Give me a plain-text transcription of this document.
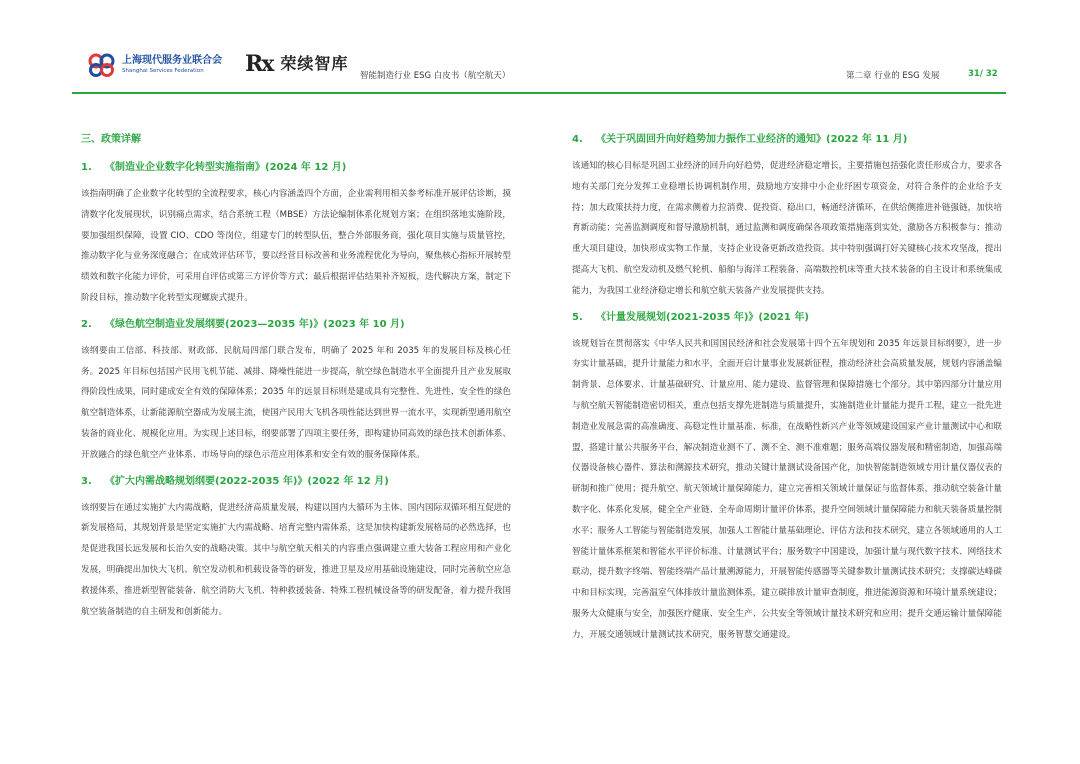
上海现代服务业联合会
Shanghai Services Federation	Rx 荣续智库
智能制造行业 ESG 白皮书（航空航天）	第二章 行业的 ESG 发展	31/ 32
三、政策详解
1. 《制造业企业数字化转型实施指南》(2024 年 12 月)

该指南明确了企业数字化转型的全流程要求，核心内容涵盖四个方面，企业需利用相关参考标准开展评估诊断，摸清数字化发展现状，识别痛点需求，结合系统工程（MBSE）方法论编制体系化规划方案；在组织落地实施阶段，要加强组织保障，设置 CIO、CDO 等岗位，组建专门的转型队伍，整合外部服务商，强化项目实施与质量管控，推动数字化与业务深度融合；在成效评估环节，要以经营目标改善和业务流程优化为导向，聚焦核心指标开展转型绩效和数字化能力评价，可采用自评估或第三方评价等方式；最后根据评估结果补齐短板，迭代解决方案，制定下阶段目标，推动数字化转型实现螺旋式提升。

2. 《绿色航空制造业发展纲要(2023—2035 年)》(2023 年 10 月)

该纲要由工信部、科技部、财政部、民航局四部门联合发布，明确了 2025 年和 2035 年的发展目标及核心任务。2025 年目标包括国产民用飞机节能、减排、降噪性能进一步提高，航空绿色制造水平全面提升且产业发展取得阶段性成果，同时建成安全有效的保障体系；2035 年的远景目标则是建成具有完整性、先进性、安全性的绿色航空制造体系，让新能源航空器成为发展主流，使国产民用大飞机各项性能达到世界一流水平，实现新型通用航空装备的商业化、规模化应用。为实现上述目标，纲要部署了四项主要任务，即构建协同高效的绿色技术创新体系、开放融合的绿色航空产业体系、市场导向的绿色示范应用体系和安全有效的服务保障体系。

3. 《扩大内需战略规划纲要(2022-2035 年)》(2022 年 12 月)

该纲要旨在通过实施扩大内需战略，促进经济高质量发展，构建以国内大循环为主体、国内国际双循环相互促进的新发展格局，其规划背景是坚定实施扩大内需战略、培育完整内需体系，这是加快构建新发展格局的必然选择，也是促进我国长远发展和长治久安的战略决策。其中与航空航天相关的内容重点强调建立重大装备工程应用和产业化发展，明确提出加快大飞机、航空发动机和机载设备等的研发，推进卫星及应用基础设施建设，同时完善航空应急救援体系，推进新型智能装备、航空消防大飞机、特种救援装备、特殊工程机械设备等的研发配备，着力提升我国航空装备制造的自主研发和创新能力。

4. 《关于巩固回升向好趋势加力振作工业经济的通知》(2022 年 11 月)

该通知的核心目标是巩固工业经济的回升向好趋势，促进经济稳定增长，主要措施包括强化责任形成合力，要求各地有关部门充分发挥工业稳增长协调机制作用，鼓励地方安排中小企业纾困专项资金，对符合条件的企业给予支持；加大政策扶持力度，在需求侧着力拉消费、促投资、稳出口，畅通经济循环，在供给侧推进补链强链，加快培育新动能；完善监测调度和督导激励机制，通过监测和调度确保各项政策措施落到实处，激励各方积极参与；推动重大项目建设，加快形成实物工作量，支持企业设备更新改造投资。其中特别强调打好关键核心技术攻坚战，提出提高大飞机、航空发动机及燃气轮机、船舶与海洋工程装备、高端数控机床等重大技术装备的自主设计和系统集成能力，为我国工业经济稳定增长和航空航天装备产业发展提供支持。

5. 《计量发展规划(2021-2035 年)》(2021 年)

该规划旨在贯彻落实《中华人民共和国国民经济和社会发展第十四个五年规划和 2035 年远景目标纲要》，进一步夯实计量基础，提升计量能力和水平，全面开启计量事业发展新征程，推动经济社会高质量发展，规划内容涵盖编制背景、总体要求、计量基础研究、计量应用、能力建设、监督管理和保障措施七个部分。其中第四部分计量应用与航空航天智能制造密切相关，重点包括支撑先进制造与质量提升，实施制造业计量能力提升工程，建立一批先进制造业发展急需的高准确度、高稳定性计量基准、标准，在战略性新兴产业等领域建设国家产业计量测试中心和联盟，搭建计量公共服务平台，解决制造业测不了、测不全、测不准难题；服务高端仪器发展和精密制造，加强高端仪器设备核心器件、算法和溯源技术研究，推动关键计量测试设备国产化，加快智能制造领域专用计量仪器仪表的研制和推广使用；提升航空、航天领域计量保障能力，建立完善相关领域计量保证与监督体系，推动航空装备计量数字化、体系化发展，健全全产业链、全寿命周期计量评价体系，提升空间领域计量保障能力和航天装备质量控制水平；服务人工智能与智能制造发展，加强人工智能计量基础理论、评估方法和技术研究，建立各领域通用的人工智能计量体系框架和智能水平评价标准、计量测试平台；服务数字中国建设，加强计量与现代数字技术、网络技术联动，提升数字终端、智能终端产品计量溯源能力，开展智能传感器等关键参数计量测试技术研究；支撑碳达峰碳中和目标实现，完善温室气体排放计量监测体系，建立碳排放计量审查制度，推进能源资源和环境计量系统建设；服务大众健康与安全，加强医疗健康、安全生产、公共安全等领域计量技术研究和应用；提升交通运输计量保障能力，开展交通领域计量测试技术研究，服务智慧交通建设。
